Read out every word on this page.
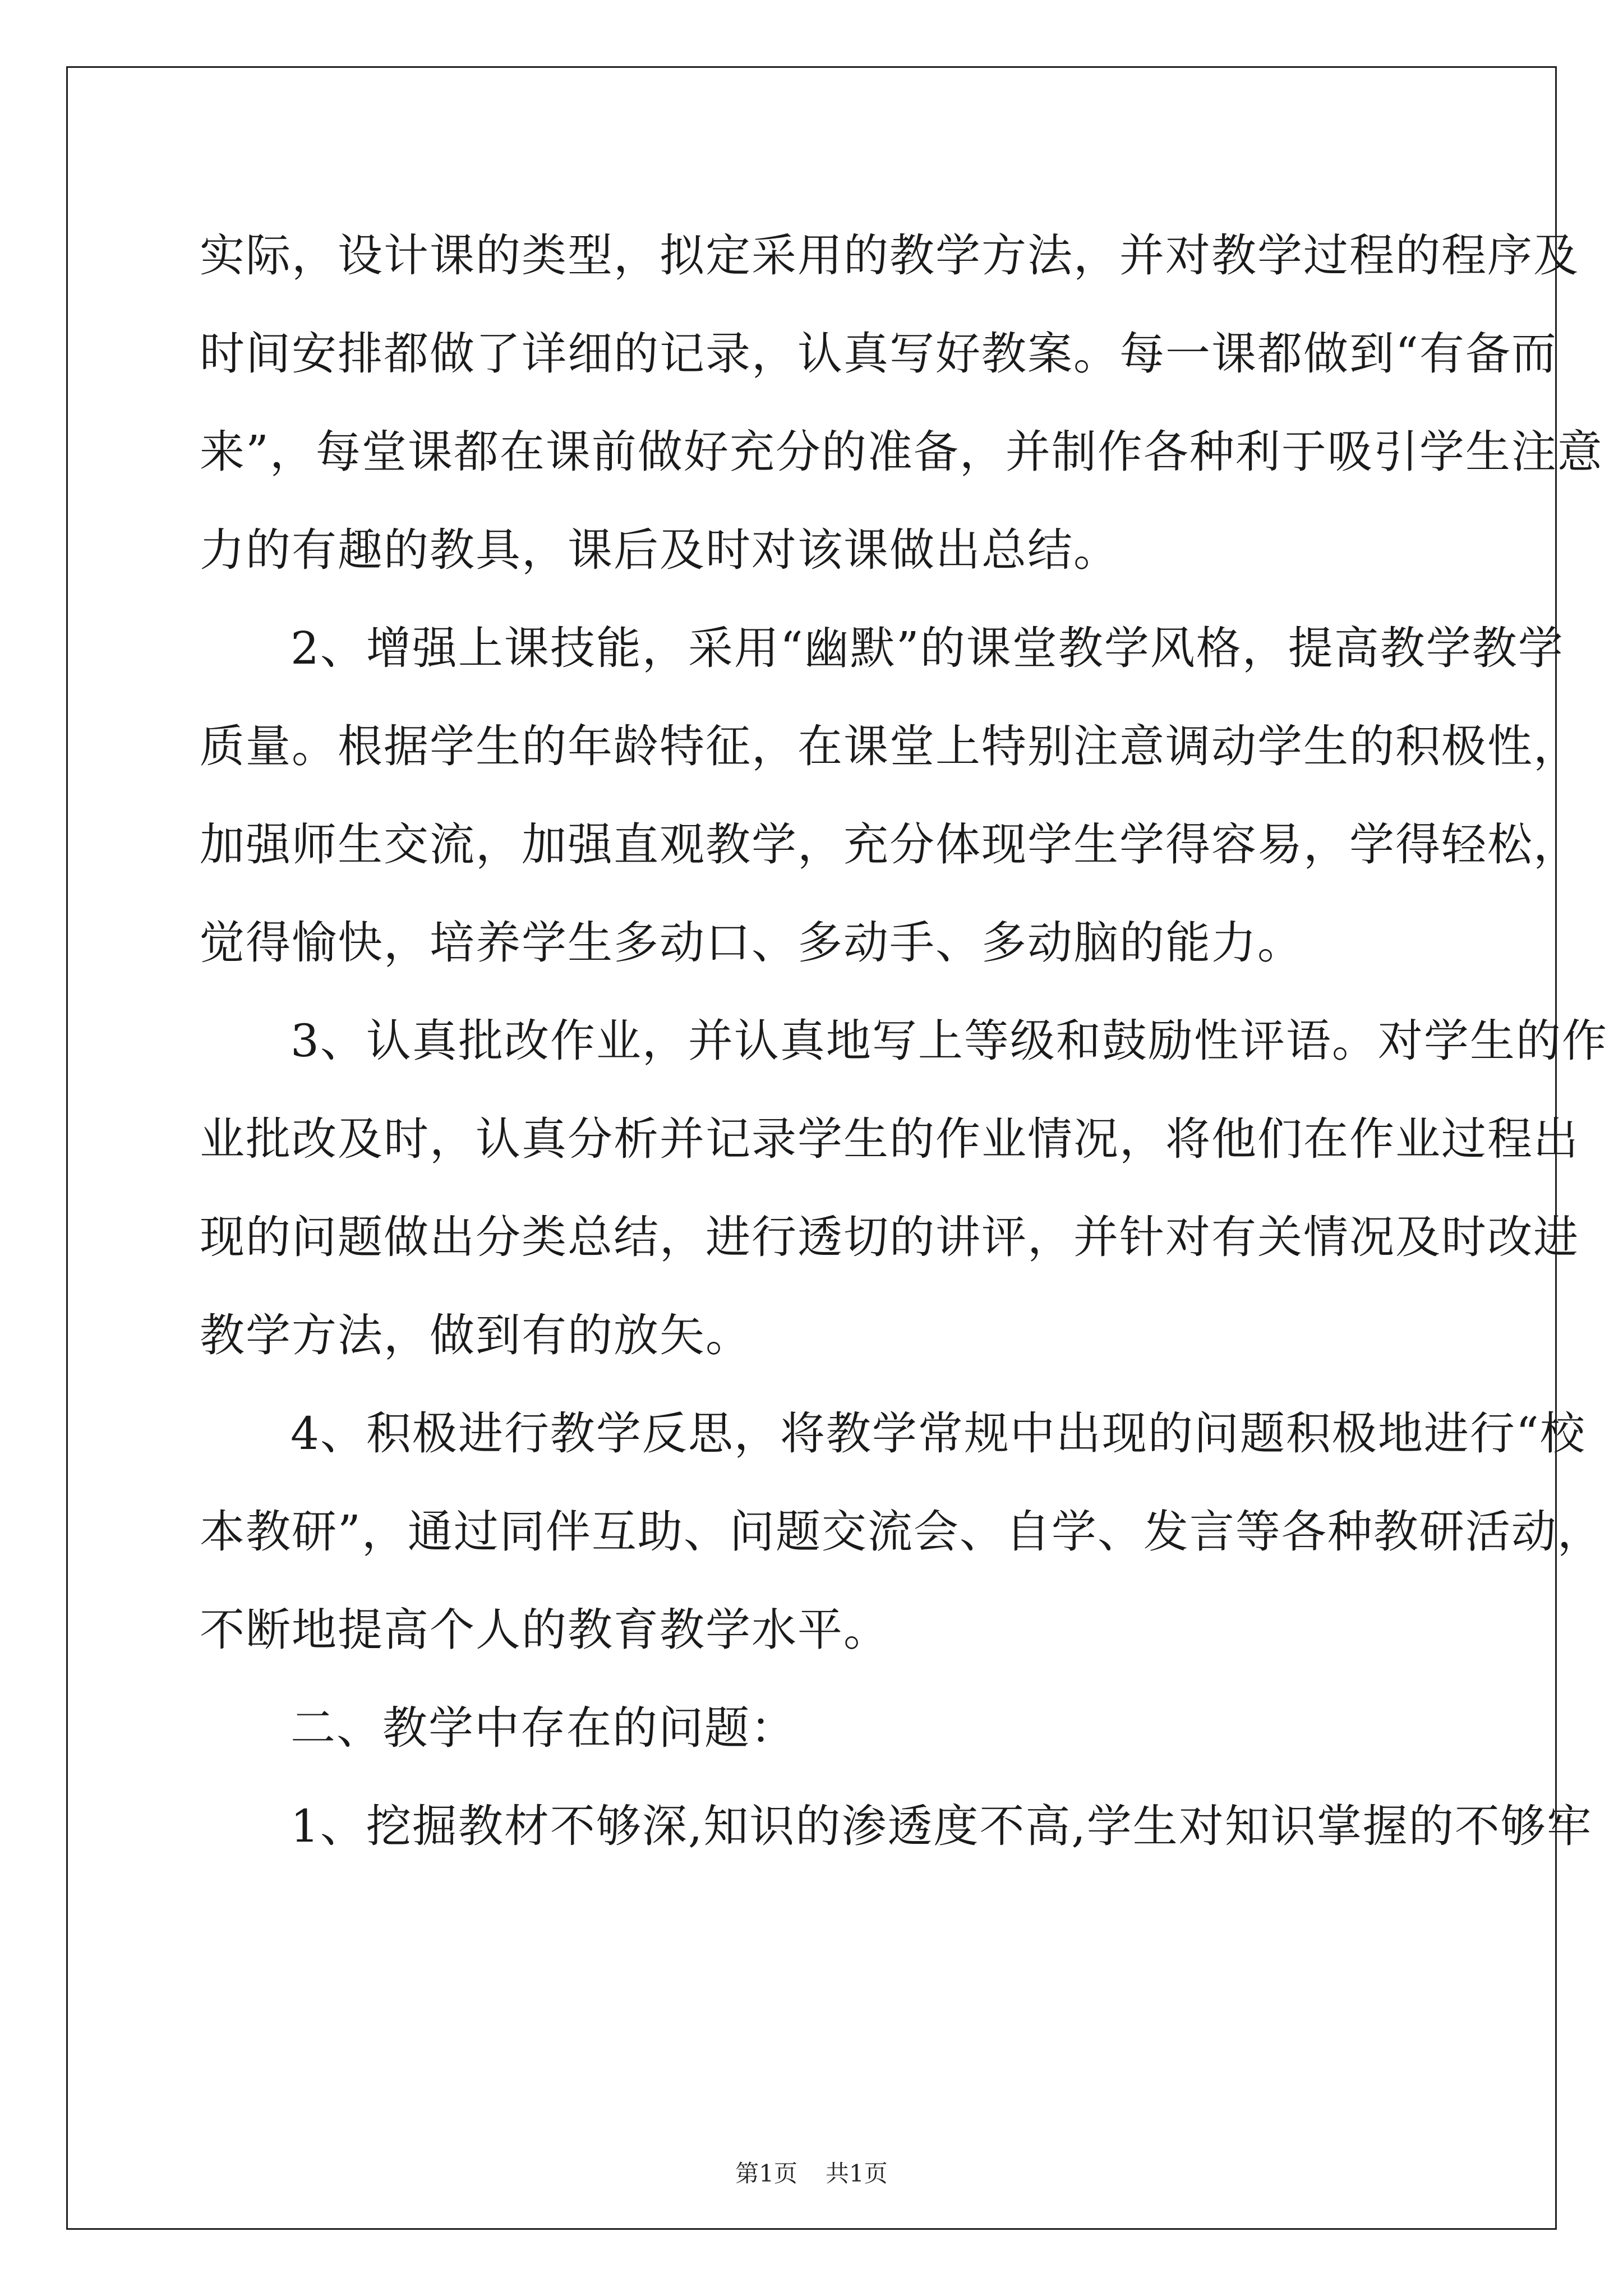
实际，设计课的类型，拟定采用的教学方法，并对教学过程的程序及
时间安排都做了详细的记录，认真写好教案。每一课都做到“有备而
来”，每堂课都在课前做好充分的准备，并制作各种利于吸引学生注意
力的有趣的教具，课后及时对该课做出总结。
2、增强上课技能，采用“幽默”的课堂教学风格，提高教学教学
质量。根据学生的年龄特征，在课堂上特别注意调动学生的积极性，
加强师生交流，加强直观教学，充分体现学生学得容易，学得轻松，
觉得愉快，培养学生多动口、多动手、多动脑的能力。
3、认真批改作业，并认真地写上等级和鼓励性评语。对学生的作
业批改及时，认真分析并记录学生的作业情况，将他们在作业过程出
现的问题做出分类总结，进行透切的讲评，并针对有关情况及时改进
教学方法，做到有的放矢。
4、积极进行教学反思，将教学常规中出现的问题积极地进行“校
本教研”，通过同伴互助、问题交流会、自学、发言等各种教研活动，
不断地提高个人的教育教学水平。
二、教学中存在的问题：
1、挖掘教材不够深,知识的渗透度不高,学生对知识掌握的不够牢
第1页 共1页
